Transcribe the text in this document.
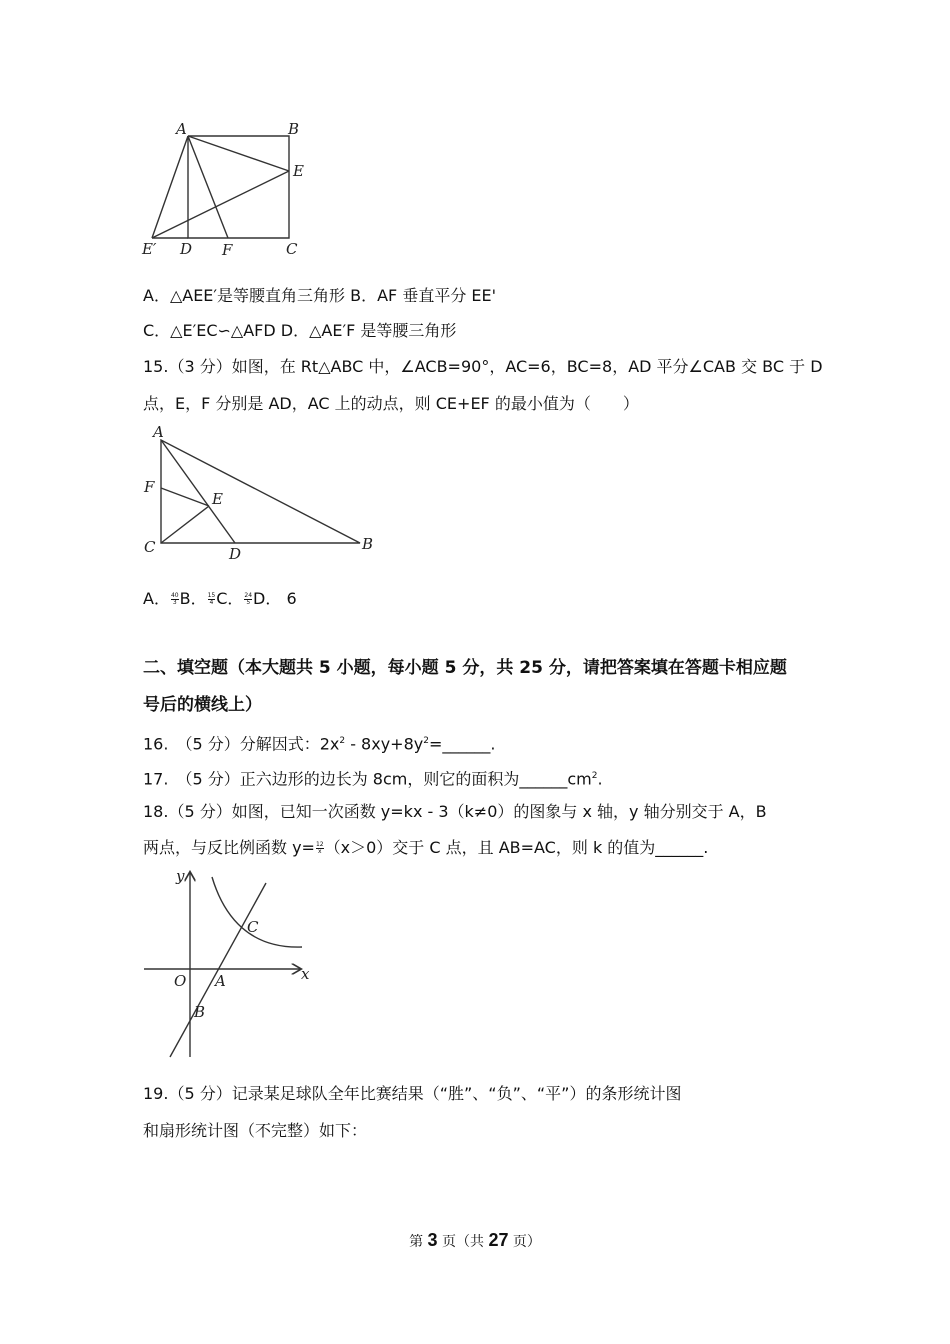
A	B
E
E′ D F	C
A．△AEE′是等腰直角三角形 B．AF 垂直平分 EE'
C．△E′EC∽△AFD D．△AE′F 是等腰三角形
15.（3 分）如图，在 Rt△ABC 中，∠ACB=90°，AC=6，BC=8，AD 平分∠CAB 交 BC 于 D
点，E，F 分别是 AD，AC 上的动点，则 CE+EF 的最小值为（　　）
A
F
E
C	D
B
A． $\frac{40}{3}$ B． $\frac{15}{4}$ C． $\frac{24}{5}$ D． 6
二、填空题（本大题共 5 小题，每小题 5 分，共 25 分，请把答案填在答题卡相应题
号后的横线上）
16.　（5 分）分解因式：$2x^2$ - $8xy+8y^2=\_\_\_\_\_\_$.
17.　（5 分）正六边形的边长为 8cm，则它的面积为$\_\_\_\_\_\_cm^2$.
18.（5 分）如图，已知一次函数 y=kx - 3（k≠0）的图象与 x 轴，y 轴分别交于 A，B
两点，与反比例函数 $y= \frac{12}{x} (x>0)$交于 C 点，且 AB=AC，则 k 的值为______.
y
x
O A
B
C
19.（5 分）记录某足球队全年比赛结果（“胜”、“负”、“平”）的条形统计图
和扇形统计图（不完整）如下：
第 3 页（共 27 页）
